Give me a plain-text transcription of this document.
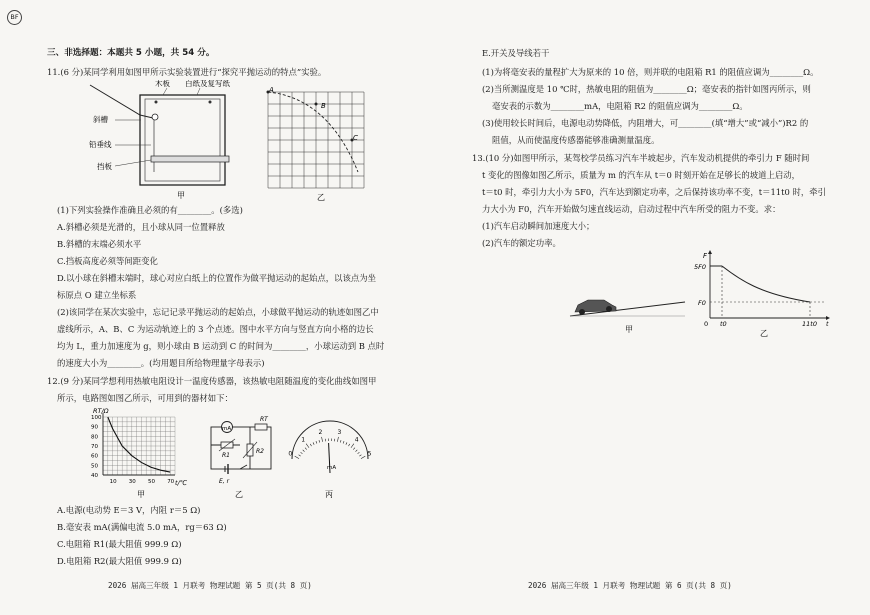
BF
三、非选择题：本题共 5 小题，共 54 分。
11.(6 分)某同学利用如图甲所示实验装置进行“探究平抛运动的特点”实验。
木板 白纸及复写纸
斜槽
铅垂线
挡板
甲
A
B
C
乙
(1)下列实验操作准确且必须的有________。(多选)
A.斜槽必须是光滑的，且小球从同一位置释放
B.斜槽的末端必须水平
C.挡板高度必须等间距变化
D.以小球在斜槽末端时，球心对应白纸上的位置作为做平抛运动的起始点，以该点为坐
标原点 O 建立坐标系
(2)该同学在某次实验中，忘记记录平抛运动的起始点，小球做平抛运动的轨迹如图乙中
虚线所示，A、B、C 为运动轨迹上的 3 个点迹。图中水平方向与竖直方向小格的边长
均为 L，重力加速度为 g，则小球由 B 运动到 C 的时间为________，小球运动到 B 点时
的速度大小为________。(均用题目所给物理量字母表示)
12.(9 分)某同学想利用热敏电阻设计一温度传感器，该热敏电阻随温度的变化曲线如图甲
所示，电路图如图乙所示，可用到的器材如下：
100
90
80
70
60
50
40
10 30 50 70
RT/Ω
t/℃
甲
mA
R1
R2
RT
E, r
乙
0
1
2	3
4
5
mA
丙
A.电源(电动势 E＝3 V，内阻 r＝5 Ω)
B.毫安表 mA(满偏电流 5.0 mA，rg＝63 Ω)
C.电阻箱 R1(最大阻值 999.9 Ω)
D.电阻箱 R2(最大阻值 999.9 Ω)
2026 届高三年级 1 月联考 物理试题 第 5 页(共 8 页)
E.开关及导线若干
(1)为将毫安表的量程扩大为原来的 10 倍，则并联的电阻箱 R1 的阻值应调为________Ω。
(2)当所测温度是 10 ℃时，热敏电阻的阻值为________Ω；毫安表的指针如图丙所示，则
毫安表的示数为________mA，电阻箱 R2 的阻值应调为________Ω。
(3)使用较长时间后，电源电动势降低，内阻增大，可________(填“增大”或“减小”)R2 的
阻值，从而使温度传感器能够准确测量温度。
13.(10 分)如图甲所示，某驾校学员练习汽车半坡起步，汽车发动机提供的牵引力 F 随时间
t 变化的图像如图乙所示，质量为 m 的汽车从 t＝0 时刻开始在足够长的坡道上启动，
t＝t0 时，牵引力大小为 5F0，汽车达到额定功率，之后保持该功率不变，t＝11t0 时，牵引
力大小为 F0，汽车开始做匀速直线运动，启动过程中汽车所受的阻力不变。求：
(1)汽车启动瞬间加速度大小；
(2)汽车的额定功率。
甲
F
5F0
F0
0 t0	11t0 t
乙
2026 届高三年级 1 月联考 物理试题 第 6 页(共 8 页)
